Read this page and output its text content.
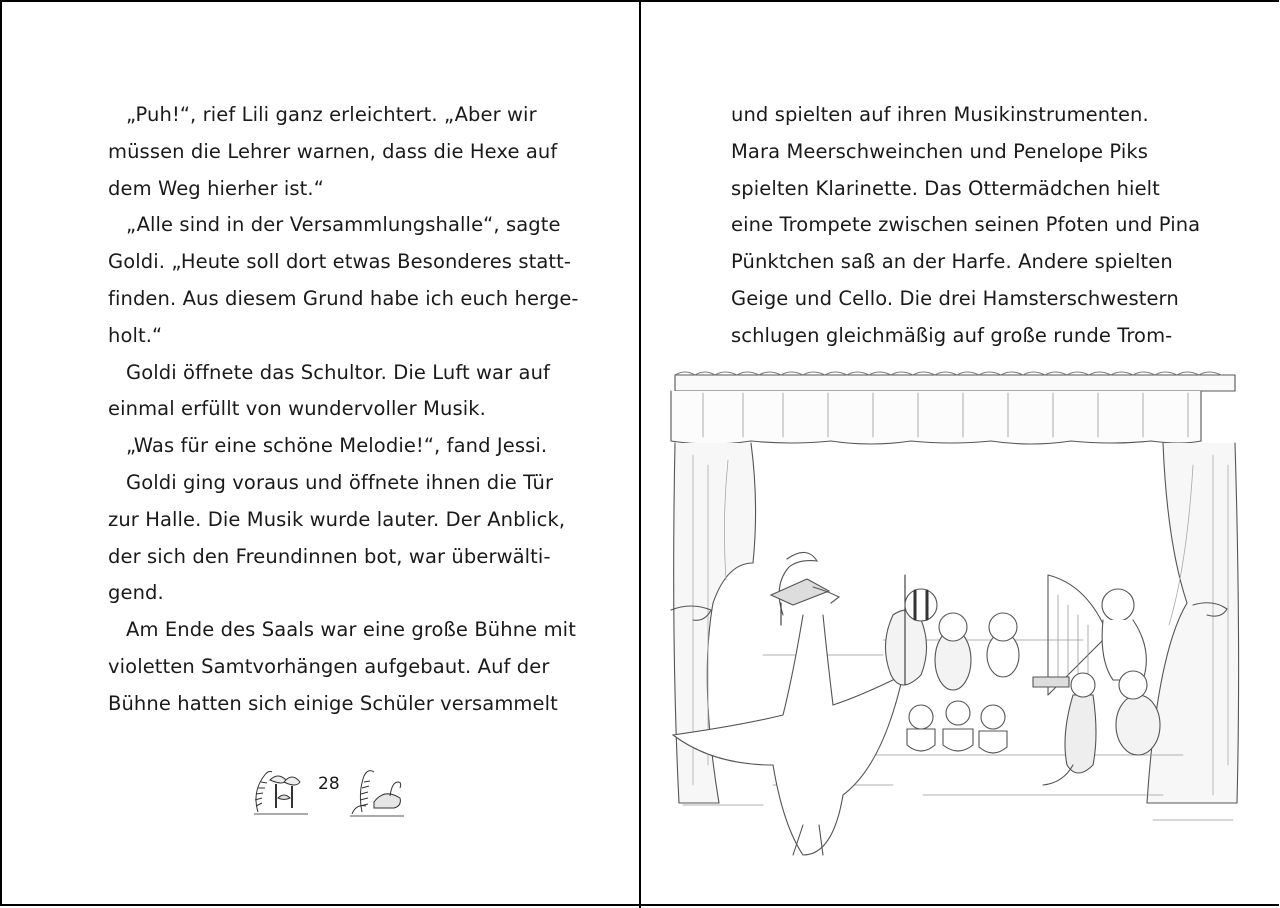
„Puh!“, rief Lili ganz erleichtert. „Aber wir
müssen die Lehrer warnen, dass die Hexe auf
dem Weg hierher ist.“
„Alle sind in der Versammlungshalle“, sagte
Goldi. „Heute soll dort etwas Besonderes statt-
finden. Aus diesem Grund habe ich euch herge-
holt.“
Goldi öffnete das Schultor. Die Luft war auf
einmal erfüllt von wundervoller Musik.
„Was für eine schöne Melodie!“, fand Jessi.
Goldi ging voraus und öffnete ihnen die Tür
zur Halle. Die Musik wurde lauter. Der Anblick,
der sich den Freundinnen bot, war überwälti-
gend.
Am Ende des Saals war eine große Bühne mit
violetten Samtvorhängen aufgebaut. Auf der
Bühne hatten sich einige Schüler versammelt
28
und spielten auf ihren Musikinstrumenten.
Mara Meerschweinchen und Penelope Piks
spielten Klarinette. Das Ottermädchen hielt
eine Trompete zwischen seinen Pfoten und Pina
Pünktchen saß an der Harfe. Andere spielten
Geige und Cello. Die drei Hamsterschwestern
schlugen gleichmäßig auf große runde Trom-
